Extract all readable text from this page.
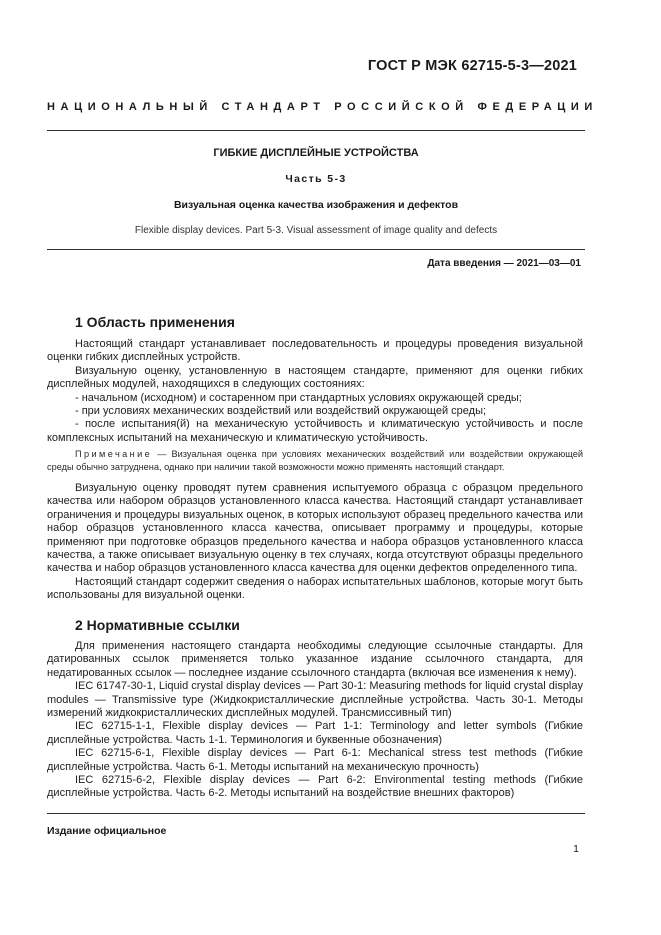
ГОСТ Р МЭК 62715-5-3—2021
НАЦИОНАЛЬНЫЙ СТАНДАРТ РОССИЙСКОЙ ФЕДЕРАЦИИ
ГИБКИЕ ДИСПЛЕЙНЫЕ УСТРОЙСТВА
Часть 5-3
Визуальная оценка качества изображения и дефектов
Flexible display devices. Part 5-3. Visual assessment of image quality and defects
Дата введения — 2021—03—01
1 Область применения

Настоящий стандарт устанавливает последовательность и процедуры проведения визуальной оценки гибких дисплейных устройств.

Визуальную оценку, установленную в настоящем стандарте, применяют для оценки гибких дисплейных модулей, находящихся в следующих состояниях:

- начальном (исходном) и состаренном при стандартных условиях окружающей среды;

- при условиях механических воздействий или воздействий окружающей среды;

- после испытания(й) на механическую устойчивость и климатическую устойчивость и после комплексных испытаний на механическую и климатическую устойчивость.

Примечание — Визуальная оценка при условиях механических воздействий или воздействии окружающей среды обычно затруднена, однако при наличии такой возможности можно применять настоящий стандарт.

Визуальную оценку проводят путем сравнения испытуемого образца с образцом предельного качества или набором образцов установленного класса качества. Настоящий стандарт устанавливает ограничения и процедуры визуальных оценок, в которых используют образец предельного качества или набор образцов установленного класса качества, описывает программу и процедуры, которые применяют при подготовке образцов предельного качества и набора образцов установленного класса качества, а также описывает визуальную оценку в тех случаях, когда отсутствуют образцы предельного качества и набор образцов установленного класса качества для оценки дефектов определенного типа.

Настоящий стандарт содержит сведения о наборах испытательных шаблонов, которые могут быть использованы для визуальной оценки.

2 Нормативные ссылки

Для применения настоящего стандарта необходимы следующие ссылочные стандарты. Для датированных ссылок применяется только указанное издание ссылочного стандарта, для недатированных ссылок — последнее издание ссылочного стандарта (включая все изменения к нему).

IEC 61747-30-1, Liquid crystal display devices — Part 30-1: Measuring methods for liquid crystal display modules — Transmissive type (Жидкокристаллические дисплейные устройства. Часть 30-1. Методы измерений жидкокристаллических дисплейных модулей. Трансмиссивный тип)

IEC 62715-1-1, Flexible display devices — Part 1-1: Terminology and letter symbols (Гибкие дисплейные устройства. Часть 1-1. Терминология и буквенные обозначения)

IEC 62715-6-1, Flexible display devices — Part 6-1: Mechanical stress test methods (Гибкие дисплейные устройства. Часть 6-1. Методы испытаний на механическую прочность)

IEC 62715-6-2, Flexible display devices — Part 6-2: Environmental testing methods (Гибкие дисплейные устройства. Часть 6-2. Методы испытаний на воздействие внешних факторов)

Издание официальное
1
